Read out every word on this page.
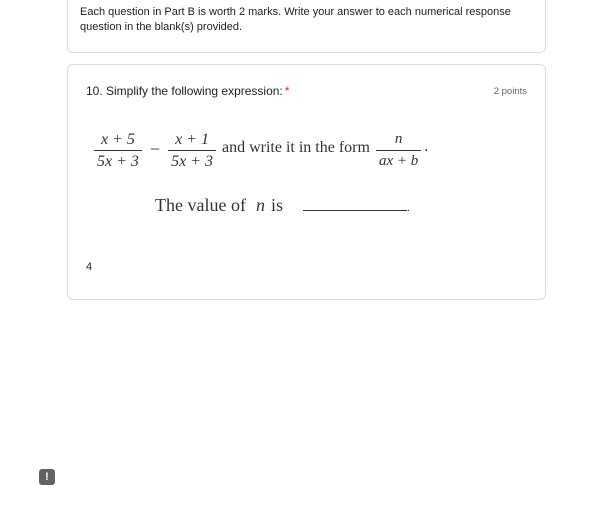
Each question in Part B is worth 2 marks. Write your answer to each numerical response question in the blank(s) provided.
10. Simplify the following expression: *	2 points
$\frac{x + 5}{5x + 3} - \frac{x + 1}{5x + 3}$ and write it in the form $\frac{n}{ax + b}$ .
The value of n is	.
4
!
